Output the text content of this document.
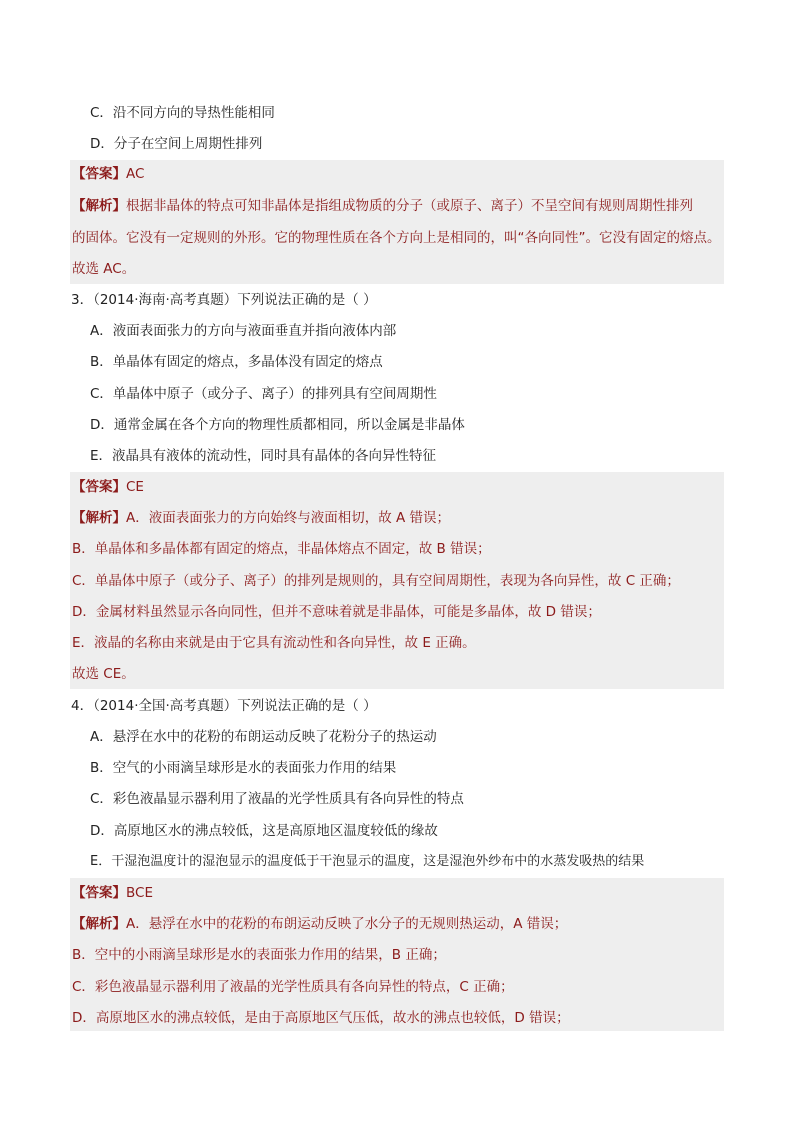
C．沿不同方向的导热性能相同
D．分子在空间上周期性排列
【答案】AC
【解析】根据非晶体的特点可知非晶体是指组成物质的分子（或原子、离子）不呈空间有规则周期性排列
的固体。它没有一定规则的外形。它的物理性质在各个方向上是相同的，叫“各向同性”。它没有固定的熔点。
故选 AC。
3．（2014·海南·高考真题）下列说法正确的是（ ）
A．液面表面张力的方向与液面垂直并指向液体内部
B．单晶体有固定的熔点，多晶体没有固定的熔点
C．单晶体中原子（或分子、离子）的排列具有空间周期性
D．通常金属在各个方向的物理性质都相同，所以金属是非晶体
E．液晶具有液体的流动性，同时具有晶体的各向异性特征
【答案】CE
【解析】A．液面表面张力的方向始终与液面相切，故 A 错误；
B．单晶体和多晶体都有固定的熔点，非晶体熔点不固定，故 B 错误；
C．单晶体中原子（或分子、离子）的排列是规则的，具有空间周期性，表现为各向异性，故 C 正确；
D．金属材料虽然显示各向同性，但并不意味着就是非晶体，可能是多晶体，故 D 错误；
E．液晶的名称由来就是由于它具有流动性和各向异性，故 E 正确。
故选 CE。
4．（2014·全国·高考真题）下列说法正确的是（ ）
A．悬浮在水中的花粉的布朗运动反映了花粉分子的热运动
B．空气的小雨滴呈球形是水的表面张力作用的结果
C．彩色液晶显示器利用了液晶的光学性质具有各向异性的特点
D．高原地区水的沸点较低，这是高原地区温度较低的缘故
E．干湿泡温度计的湿泡显示的温度低于干泡显示的温度，这是湿泡外纱布中的水蒸发吸热的结果
【答案】BCE
【解析】A．悬浮在水中的花粉的布朗运动反映了水分子的无规则热运动，A 错误；
B．空中的小雨滴呈球形是水的表面张力作用的结果，B 正确；
C．彩色液晶显示器利用了液晶的光学性质具有各向异性的特点，C 正确；
D．高原地区水的沸点较低，是由于高原地区气压低，故水的沸点也较低，D 错误；
